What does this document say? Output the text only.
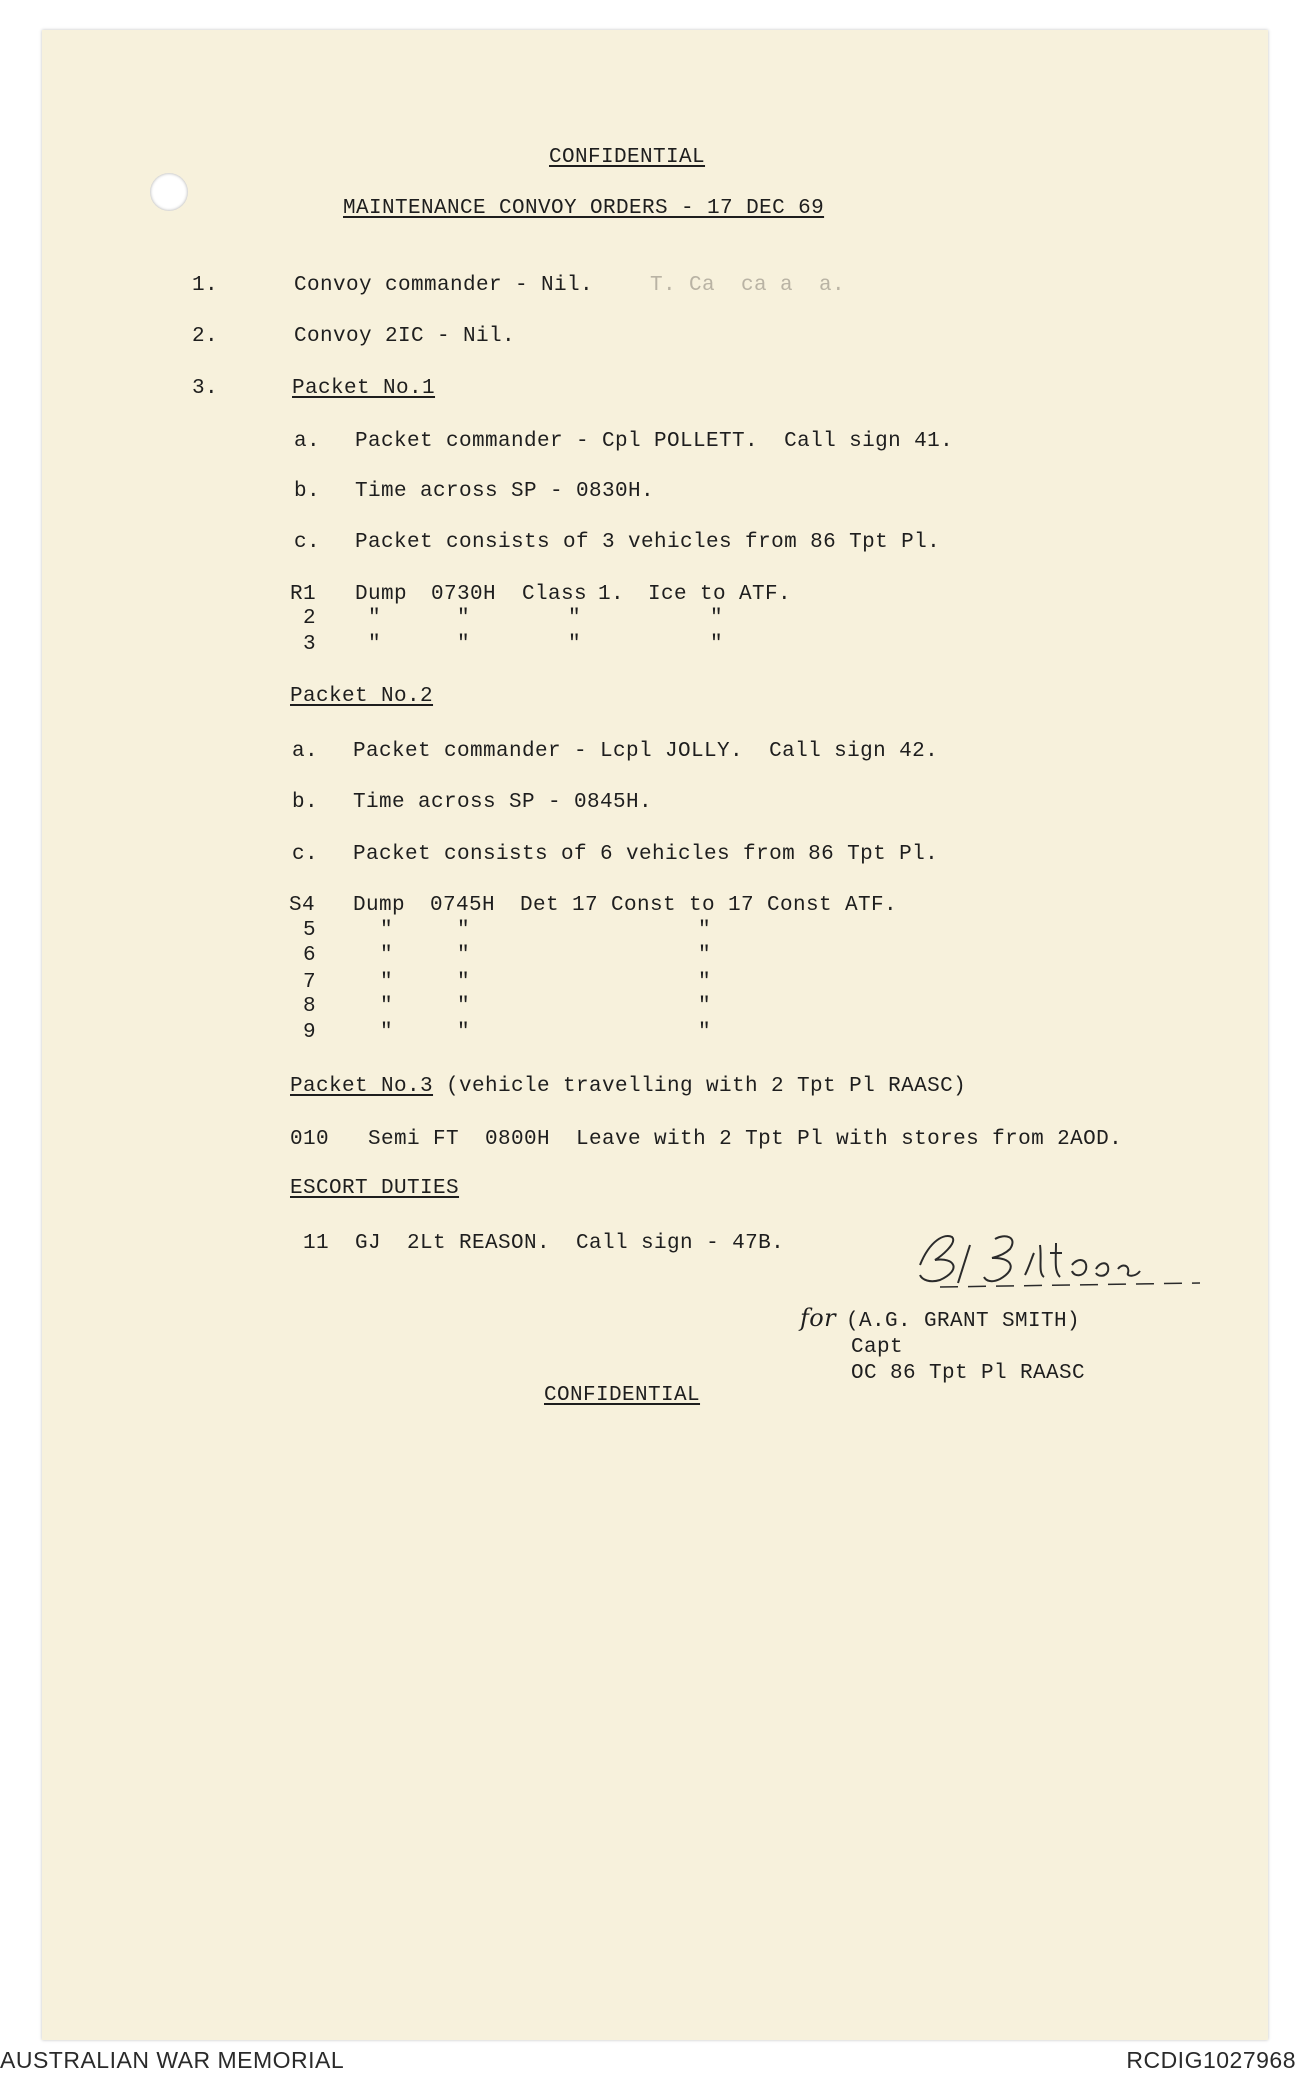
CONFIDENTIAL
MAINTENANCE CONVOY ORDERS - 17 DEC 69
1.	Convoy commander - Nil.	T. Ca  ca a  a.
2.	Convoy 2IC - Nil.
3.	Packet No.1
a. Packet commander - Cpl POLLETT.  Call sign 41.
b. Time across SP - 0830H.
c. Packet consists of 3 vehicles from 86 Tpt Pl.
R1 Dump 0730H Class 1. Ice to ATF.
2 "	"	"	"
3 "	"	"	"
Packet No.2
a. Packet commander - Lcpl JOLLY.  Call sign 42.
b. Time across SP - 0845H.
c. Packet consists of 6 vehicles from 86 Tpt Pl.
S4 Dump 0745H Det 17 Const to 17 Const ATF.
5	"	"	"
6	"	"	"
7	"	"	"
8	"	"	"
9	"	"	"
Packet No.3 (vehicle travelling with 2 Tpt Pl RAASC)
010   Semi FT  0800H  Leave with 2 Tpt Pl with stores from 2AOD.
ESCORT DUTIES
11  GJ  2Lt REASON.  Call sign - 47B.
for (A.G. GRANT SMITH)
Capt
OC 86 Tpt Pl RAASC
CONFIDENTIAL
AUSTRALIAN WAR MEMORIAL	RCDIG1027968
